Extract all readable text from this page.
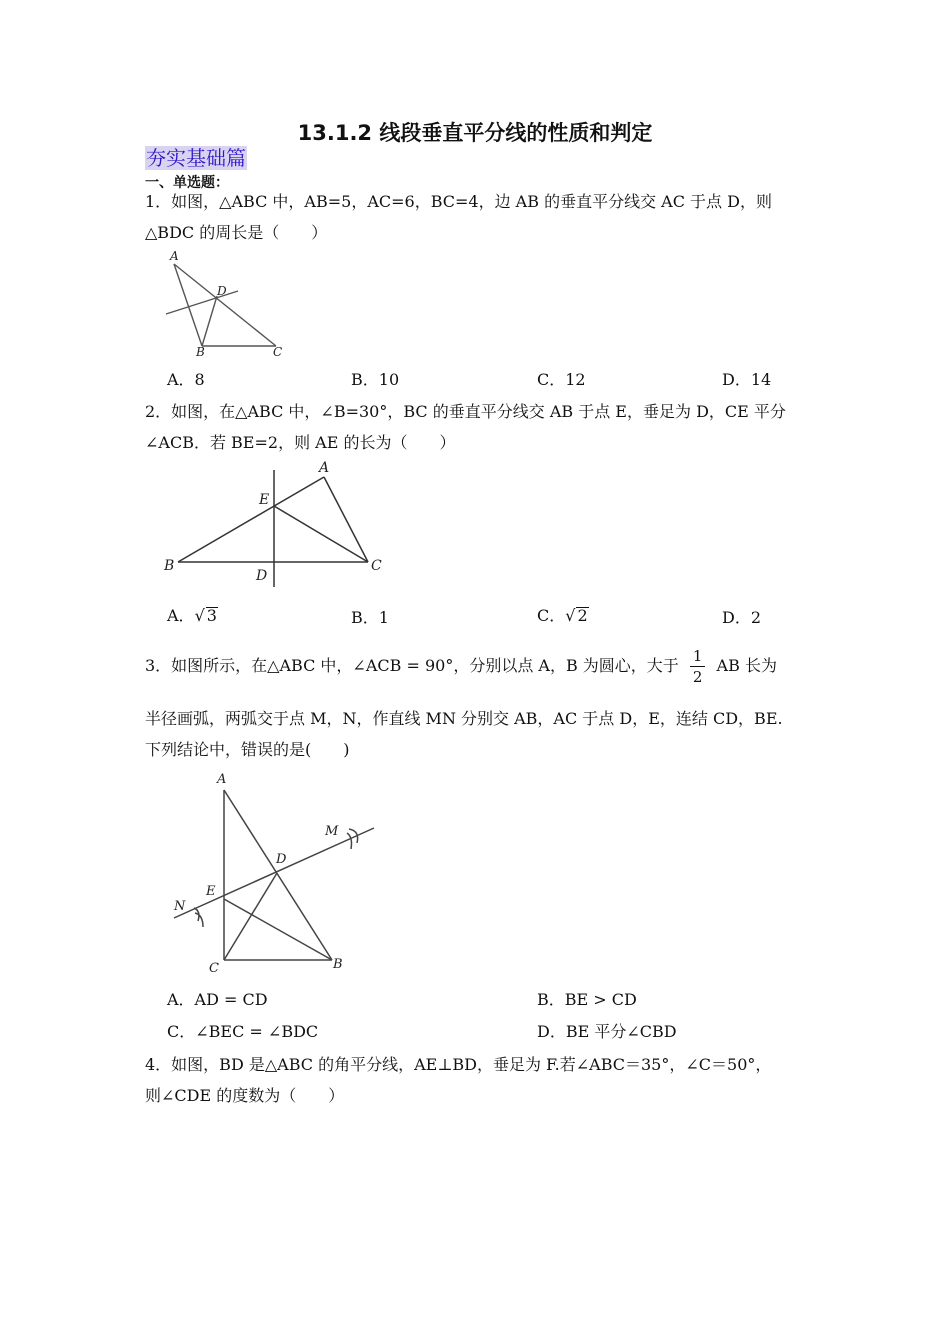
13.1.2 线段垂直平分线的性质和判定
夯实基础篇
一、单选题：
1．如图，△ABC 中，AB=5，AC=6，BC=4，边 AB 的垂直平分线交 AC 于点 D，则
△BDC 的周长是（　　）
A
B	C
D
A．8	B．10	C．12	D．14
2．如图，在△ABC 中，∠B=30°，BC 的垂直平分线交 AB 于点 E，垂足为 D，CE 平分
∠ACB．若 BE=2，则 AE 的长为（　　）
A
B	C
D
E
A．√ 3	B．1	C．√ 2	D．2
3．如图所示，在△ABC 中，∠ACB = 90°，分别以点 A，B 为圆心，大于 $\frac{1}{2}$ AB 长为
半径画弧，两弧交于点 M，N，作直线 MN 分别交 AB，AC 于点 D，E，连结 CD，BE.
下列结论中，错误的是(　　)
A
B
C
D
E
M
N
A．AD = CD	B．BE > CD
C．∠BEC = ∠BDC	D．BE 平分∠CBD
4．如图，BD 是△ABC 的角平分线，AE⊥BD，垂足为 F.若∠ABC＝35°，∠C＝50°，
则∠CDE 的度数为（　　）
